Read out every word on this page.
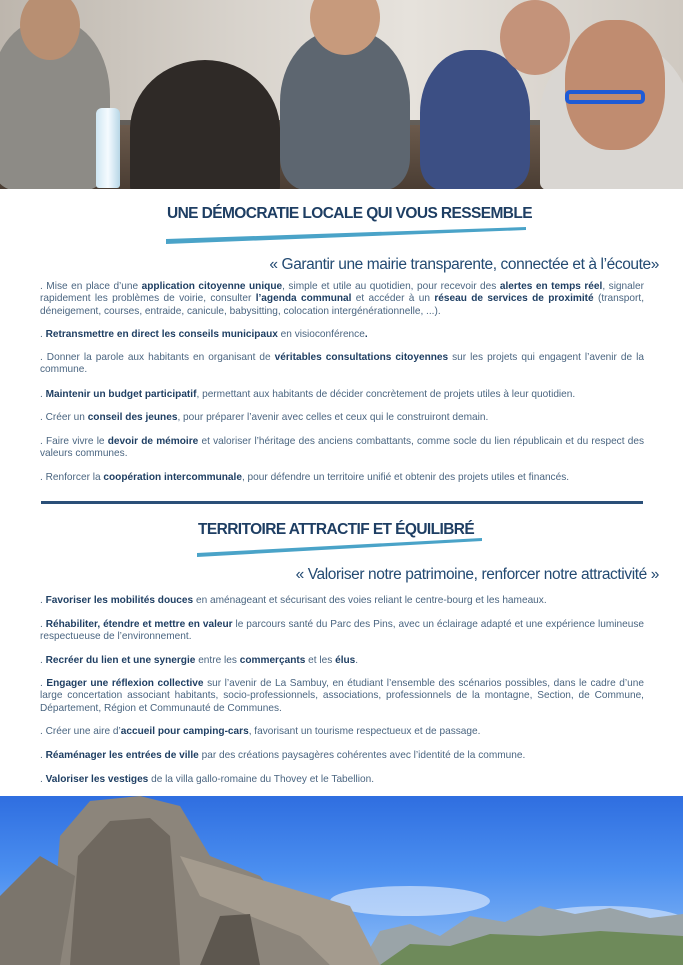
UNE DÉMOCRATIE LOCALE QUI VOUS RESSEMBLE
« Garantir une mairie transparente, connectée et à l’écoute»
. Mise en place d’une application citoyenne unique, simple et utile au quotidien, pour recevoir des alertes en temps réel, signaler rapidement les problèmes de voirie, consulter l’agenda communal et accéder à un réseau de services de proximité (transport, déneigement, courses, entraide, canicule, babysitting, colocation intergénérationnelle, ...).
. Retransmettre en direct les conseils municipaux en visioconférence.
. Donner la parole aux habitants en organisant de véritables consultations citoyennes sur les projets qui engagent l’avenir de la commune.
. Maintenir un budget participatif, permettant aux habitants de décider concrètement de projets utiles à leur quotidien.
. Créer un conseil des jeunes, pour préparer l’avenir avec celles et ceux qui le construiront demain.
. Faire vivre le devoir de mémoire et valoriser l’héritage des anciens combattants, comme socle du lien républicain et du respect des valeurs communes.
. Renforcer la coopération intercommunale, pour défendre un territoire unifié et obtenir des projets utiles et financés.
TERRITOIRE ATTRACTIF ET ÉQUILIBRÉ
« Valoriser notre patrimoine, renforcer notre attractivité »
. Favoriser les mobilités douces en aménageant et sécurisant des voies reliant le centre-bourg et les hameaux.
. Réhabiliter, étendre et mettre en valeur le parcours santé du Parc des Pins, avec un éclairage adapté et une expérience lumineuse respectueuse de l’environnement.
. Recréer du lien et une synergie entre les commerçants et les élus.
. Engager une réflexion collective sur l’avenir de La Sambuy, en étudiant l’ensemble des scénarios possibles, dans le cadre d’une large concertation associant habitants, socio-professionnels, associations, professionnels de la montagne, Section, de Commune, Département, Région et Communauté de Communes.
. Créer une aire d’accueil pour camping-cars, favorisant un tourisme respectueux et de passage.
. Réaménager les entrées de ville par des créations paysagères cohérentes avec l’identité de la commune.
. Valoriser les vestiges de la villa gallo-romaine du Thovey et le Tabellion.
